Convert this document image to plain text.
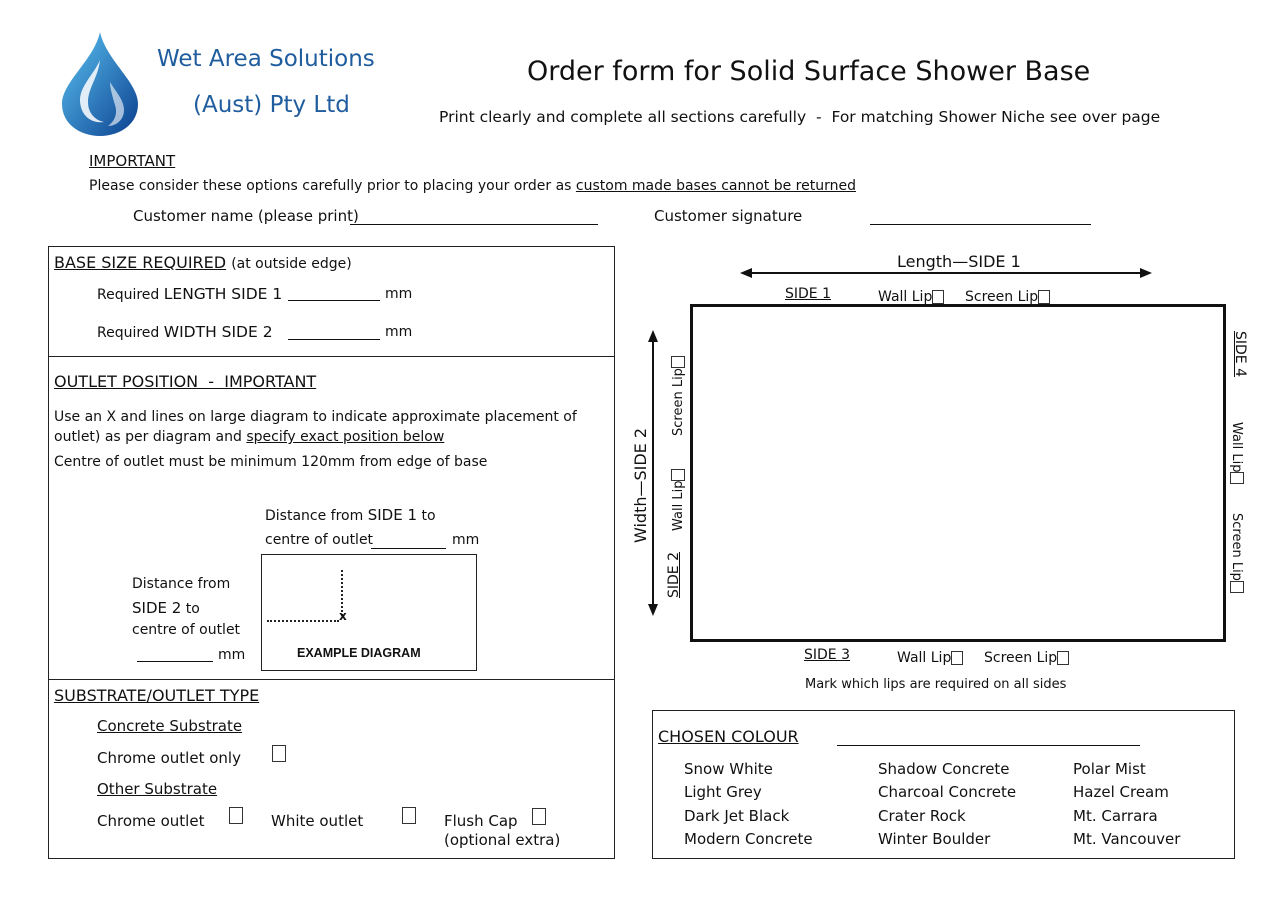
Wet Area Solutions
(Aust) Pty Ltd
Order form for Solid Surface Shower Base
Print clearly and complete all sections carefully  -  For matching Shower Niche see over page
IMPORTANT
Please consider these options carefully prior to placing your order as custom made bases cannot be returned
Customer name (please print)	Customer signature
BASE SIZE REQUIRED (at outside edge)
Required LENGTH SIDE 1	mm
Required WIDTH SIDE 2	mm
OUTLET POSITION  -  IMPORTANT
Use an X and lines on large diagram to indicate approximate placement of
outlet) as per diagram and specify exact position below
Centre of outlet must be minimum 120mm from edge of base
Distance from SIDE 1 to
centre of outlet	mm
Distance from
SIDE 2 to
centre of outlet
mm
x
EXAMPLE DIAGRAM
SUBSTRATE/OUTLET TYPE
Concrete Substrate
Chrome outlet only
Other Substrate
Chrome outlet	White outlet	Flush Cap
(optional extra)
Length—SIDE 1
SIDE 1	Wall Lip	Screen Lip
Width—SIDE 2
Screen Lip
Wall Lip
SIDE 2
SIDE 4
Wall Lip
Screen Lip
SIDE 3	Wall Lip	Screen Lip
Mark which lips are required on all sides
CHOSEN COLOUR
Snow White
Light Grey
Dark Jet Black
Modern Concrete
Shadow Concrete
Charcoal Concrete
Crater Rock
Winter Boulder
Polar Mist
Hazel Cream
Mt. Carrara
Mt. Vancouver
